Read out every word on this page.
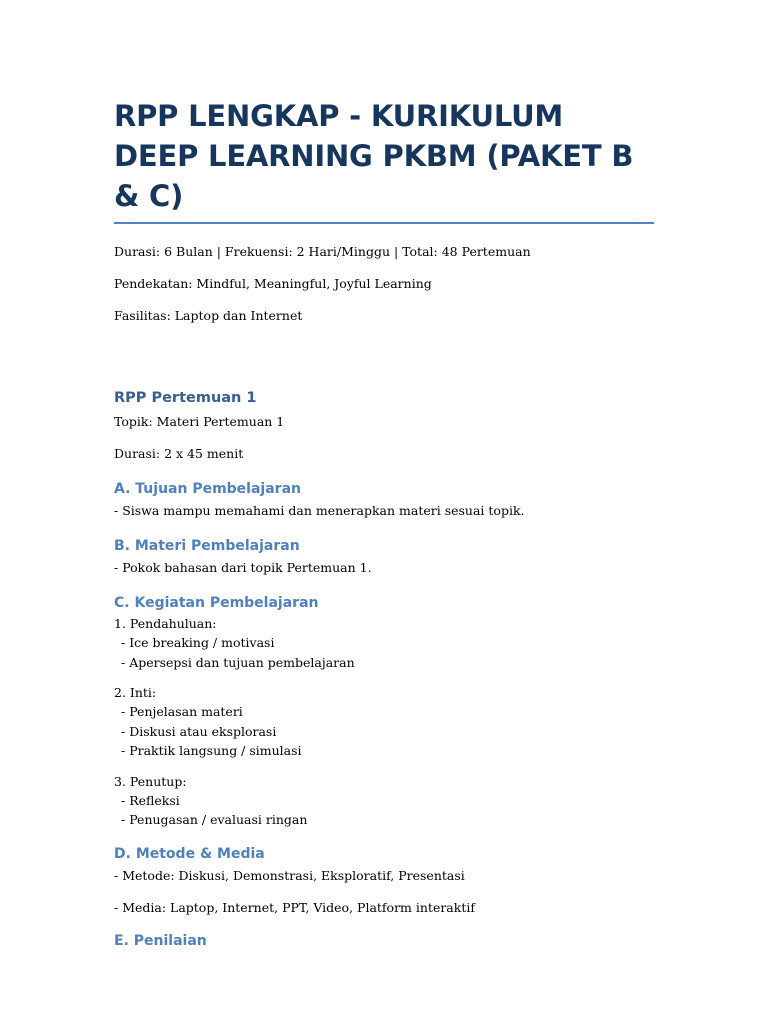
RPP LENGKAP - KURIKULUM DEEP LEARNING PKBM (PAKET B & C)

Durasi: 6 Bulan | Frekuensi: 2 Hari/Minggu | Total: 48 Pertemuan

Pendekatan: Mindful, Meaningful, Joyful Learning

Fasilitas: Laptop dan Internet

RPP Pertemuan 1

Topik: Materi Pertemuan 1

Durasi: 2 x 45 menit

A. Tujuan Pembelajaran

- Siswa mampu memahami dan menerapkan materi sesuai topik.

B. Materi Pembelajaran

- Pokok bahasan dari topik Pertemuan 1.

C. Kegiatan Pembelajaran

1. Pendahuluan:

- Ice breaking / motivasi

- Apersepsi dan tujuan pembelajaran

2. Inti:

- Penjelasan materi

- Diskusi atau eksplorasi

- Praktik langsung / simulasi

3. Penutup:

- Refleksi

- Penugasan / evaluasi ringan

D. Metode & Media

- Metode: Diskusi, Demonstrasi, Eksploratif, Presentasi

- Media: Laptop, Internet, PPT, Video, Platform interaktif

E. Penilaian
